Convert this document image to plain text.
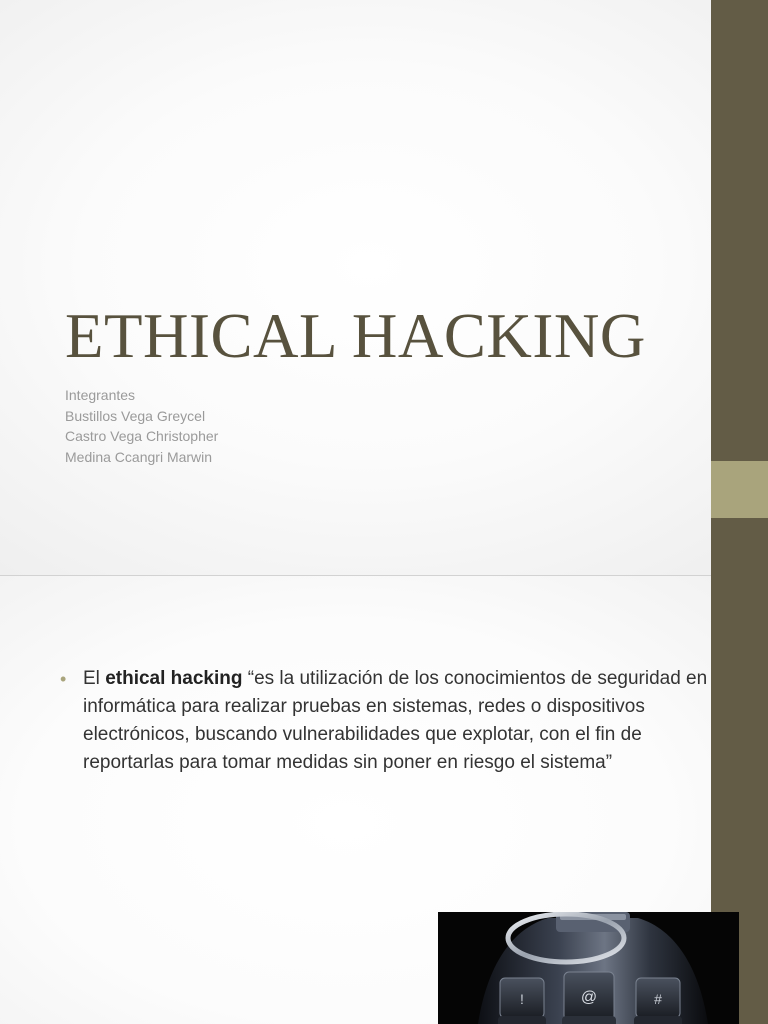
ETHICAL HACKING
Integrantes
Bustillos Vega Greycel
Castro Vega Christopher
Medina Ccangri Marwin
• El ethical hacking “es la utilización de los conocimientos de seguridad en informática para realizar pruebas en sistemas, redes o dispositivos electrónicos, buscando vulnerabilidades que explotar, con el fin de reportarlas para tomar medidas sin poner en riesgo el sistema”
!	@	#
